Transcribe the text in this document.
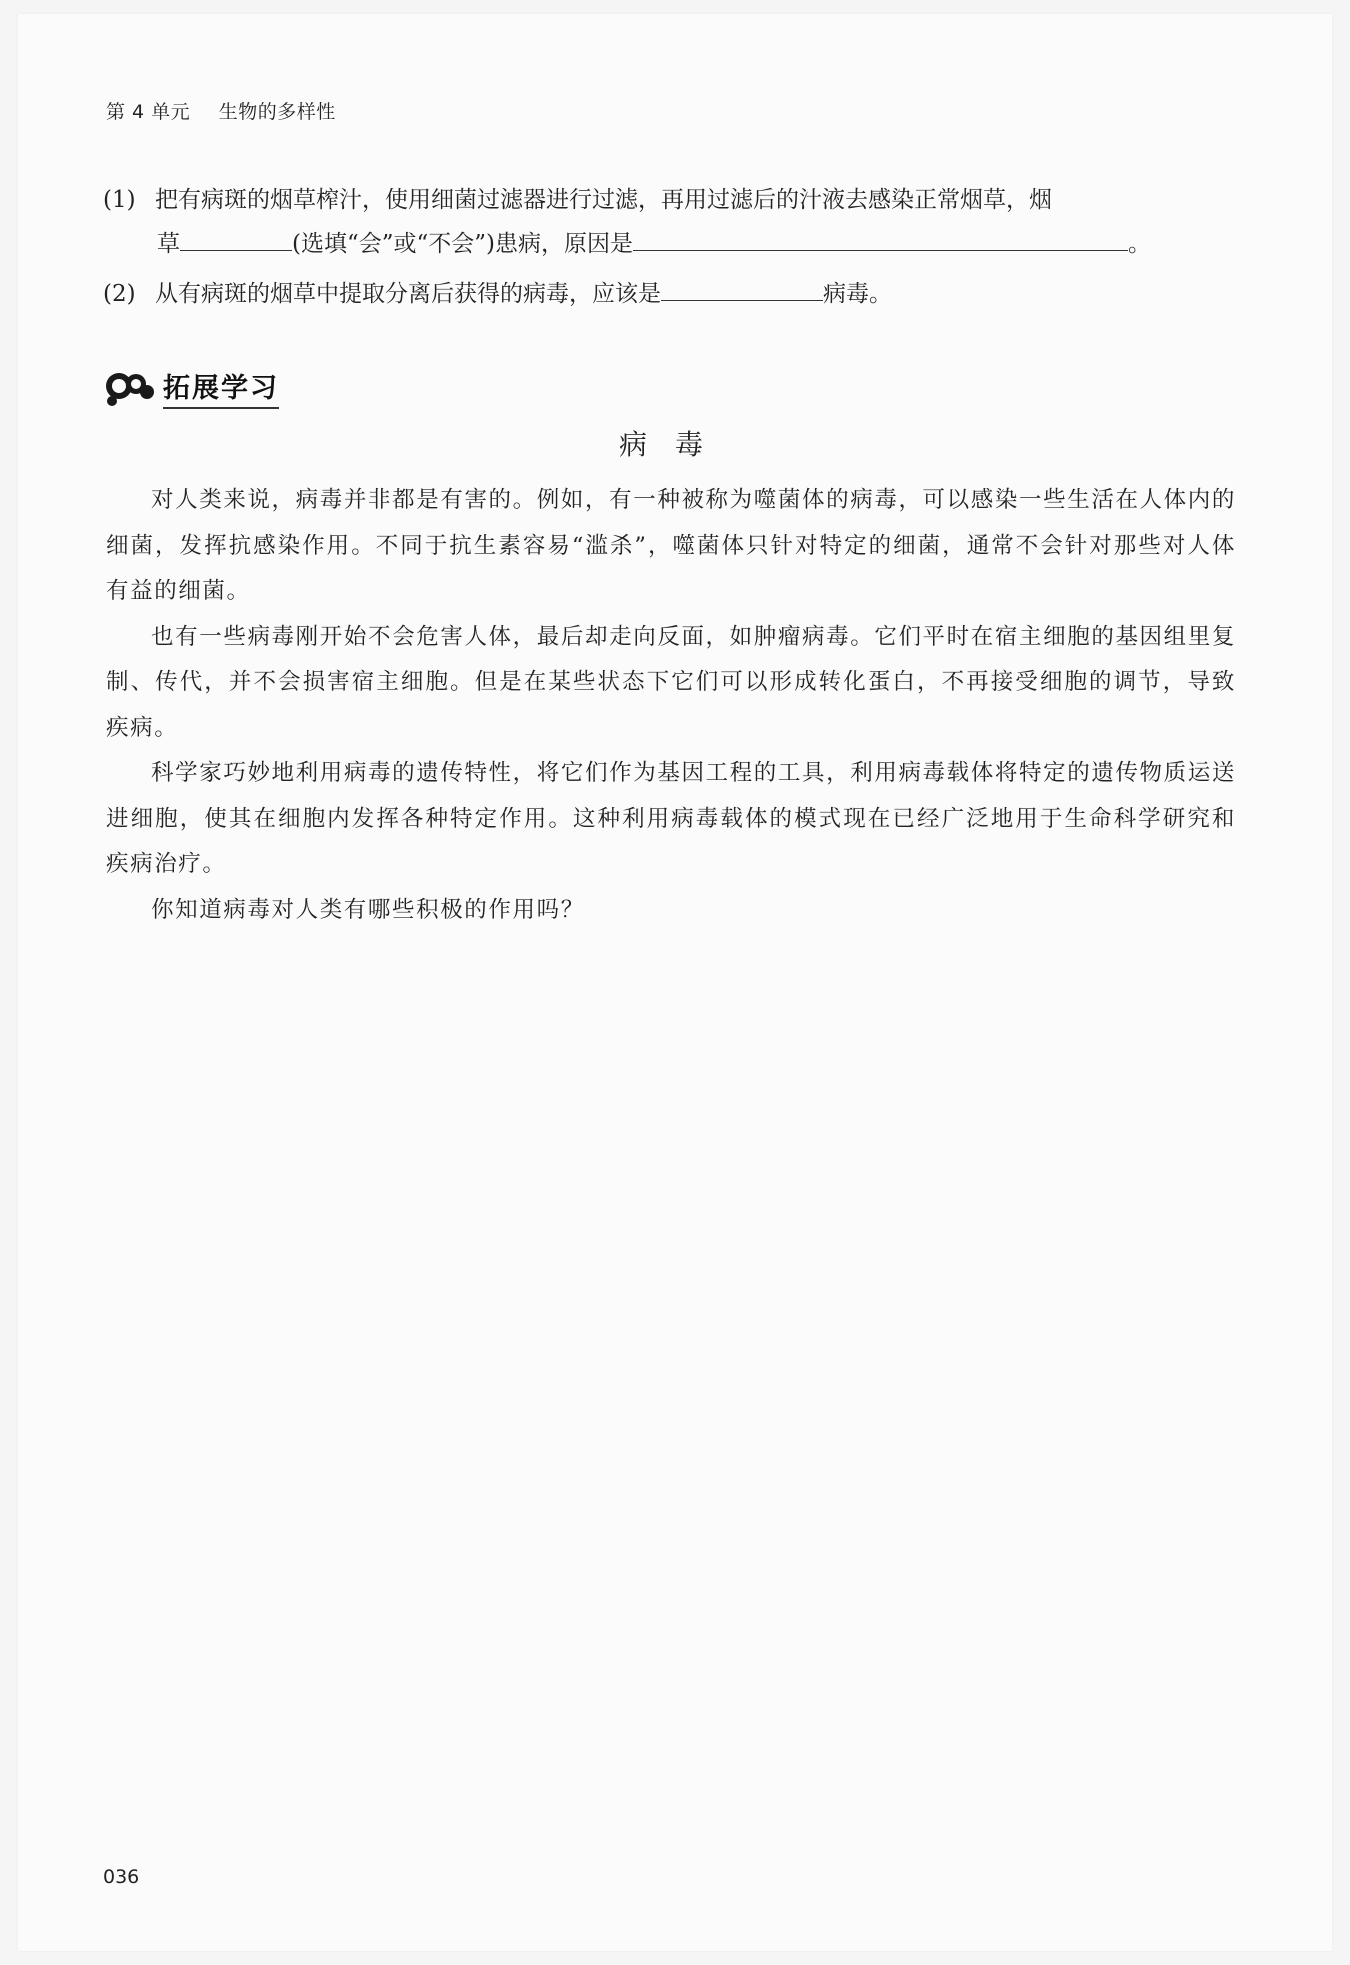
第 4 单元 生物的多样性
(1) 把有病斑的烟草榨汁，使用细菌过滤器进行过滤，再用过滤后的汁液去感染正常烟草，烟
草	(选填“会”或“不会”)患病，原因是	。
(2) 从有病斑的烟草中提取分离后获得的病毒，应该是	病毒。
拓展学习
病毒

对人类来说，病毒并非都是有害的。例如，有一种被称为噬菌体的病毒，可以感染一些生活在人体内的细菌，发挥抗感染作用。不同于抗生素容易“滥杀”，噬菌体只针对特定的细菌，通常不会针对那些对人体有益的细菌。

也有一些病毒刚开始不会危害人体，最后却走向反面，如肿瘤病毒。它们平时在宿主细胞的基因组里复制、传代，并不会损害宿主细胞。但是在某些状态下它们可以形成转化蛋白，不再接受细胞的调节，导致疾病。

科学家巧妙地利用病毒的遗传特性，将它们作为基因工程的工具，利用病毒载体将特定的遗传物质运送进细胞，使其在细胞内发挥各种特定作用。这种利用病毒载体的模式现在已经广泛地用于生命科学研究和疾病治疗。

你知道病毒对人类有哪些积极的作用吗？

036
